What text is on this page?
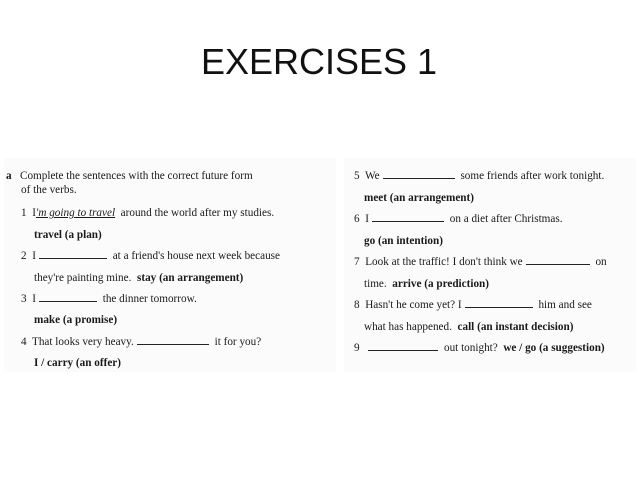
EXERCISES 1
a Complete the sentences with the correct future form
of the verbs.
1 I'm going to travel around the world after my studies.
travel (a plan)
2 I	at a friend's house next week because
they're painting mine. stay (an arrangement)
3 I	the dinner tomorrow.
make (a promise)
4 That looks very heavy.	it for you?
I / carry (an offer)
5 We	some friends after work tonight.
meet (an arrangement)
6 I	on a diet after Christmas.
go (an intention)
7 Look at the traffic! I don't think we	on
time. arrive (a prediction)
8 Hasn't he come yet? I	him and see
what has happened. call (an instant decision)
9	out tonight? we / go (a suggestion)
